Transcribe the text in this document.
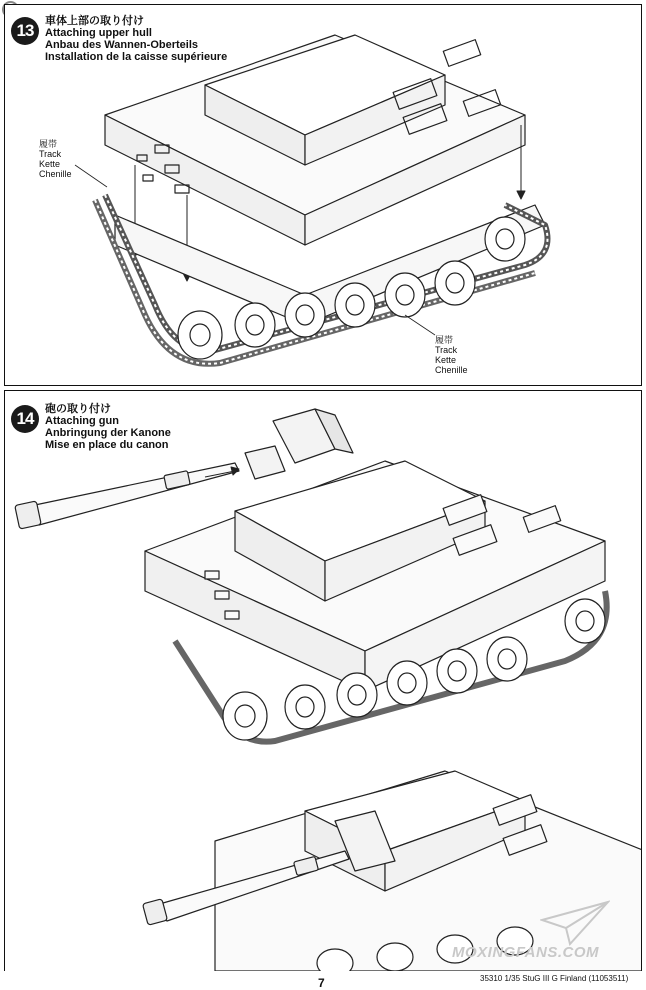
13	車体上部の取り付け
Attaching upper hull
Anbau des Wannen-Oberteils
Installation de la caisse supérieure
履帯
Track
Kette
Chenille
履帯
Track
Kette
Chenille
14	砲の取り付け
Attaching gun
Anbringung der Kanone
Mise en place du canon
MOXINGFANS.COM
7	35310 1/35 StuG III G Finland (11053511)
